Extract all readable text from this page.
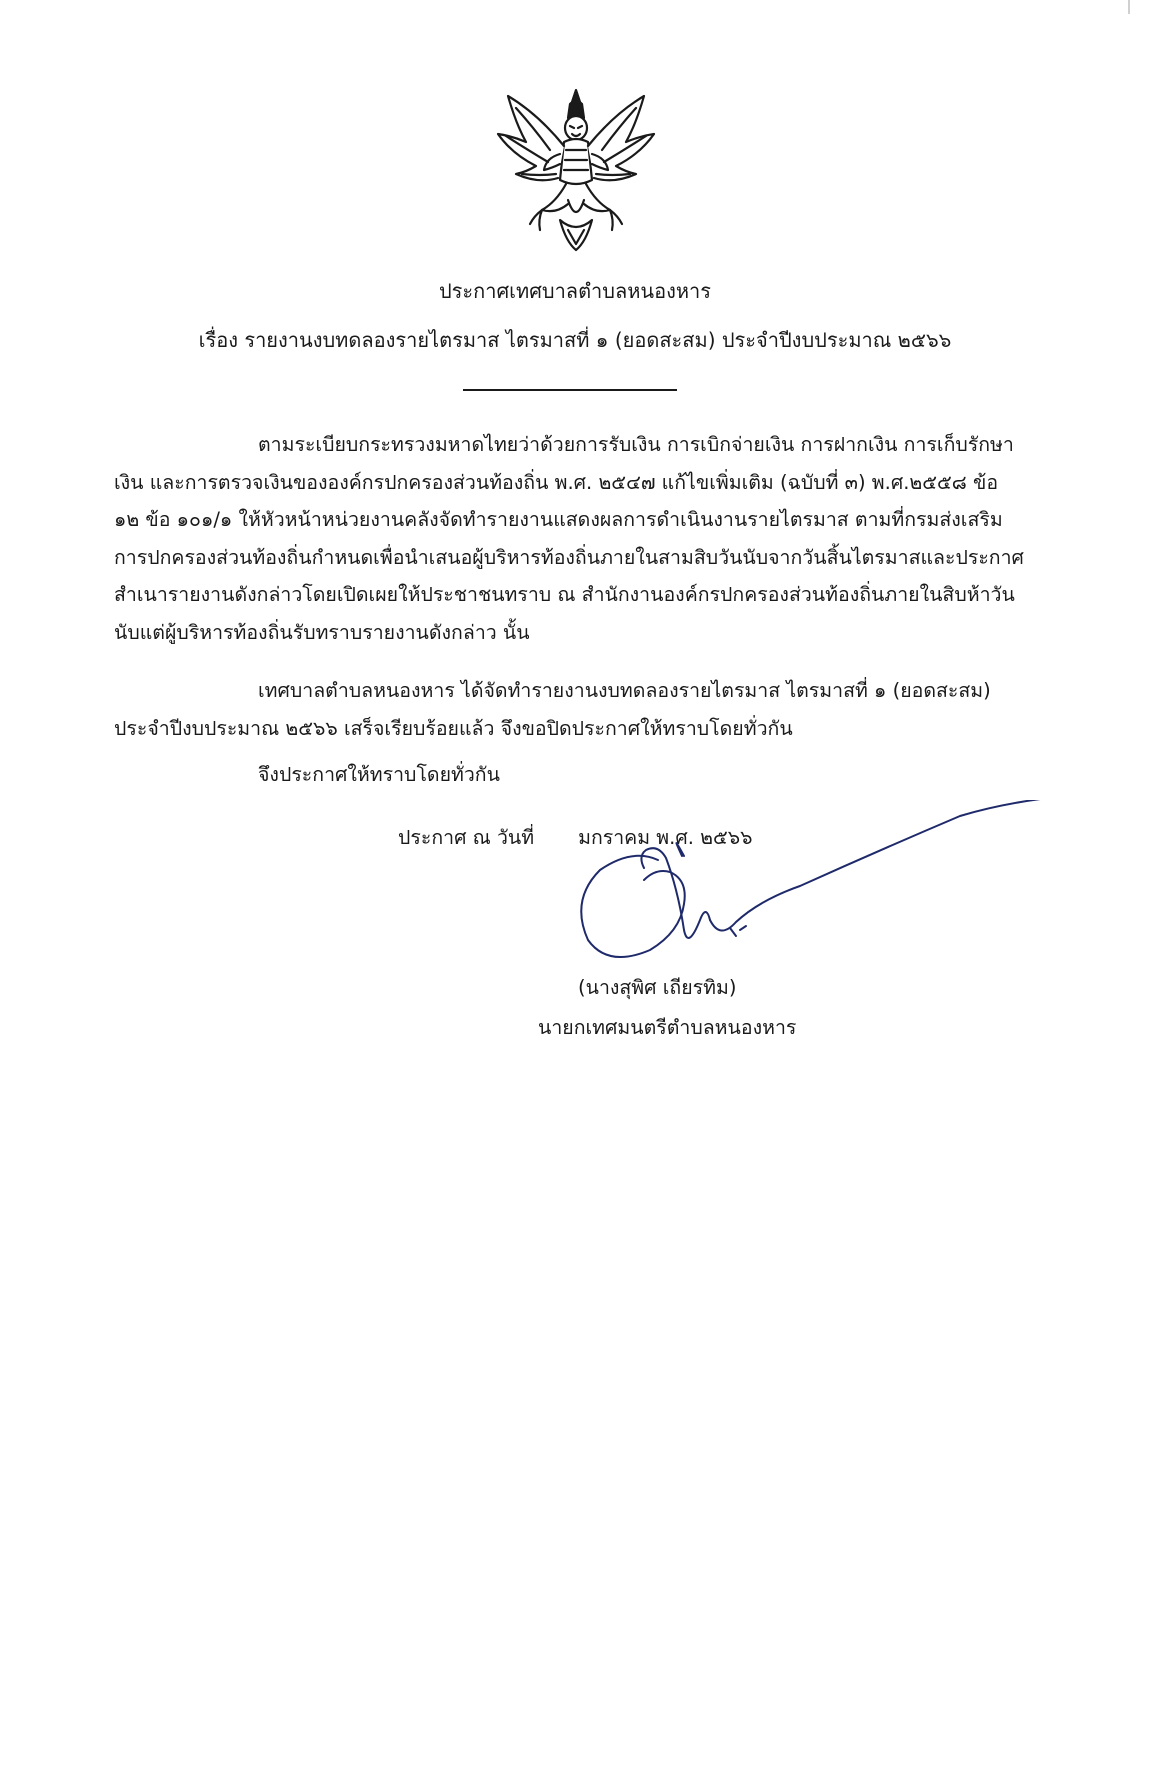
ประกาศเทศบาลตำบลหนองหาร
เรื่อง รายงานงบทดลองรายไตรมาส ไตรมาสที่ ๑ (ยอดสะสม) ประจำปีงบประมาณ ๒๕๖๖
ตามระเบียบกระทรวงมหาดไทยว่าด้วยการรับเงิน การเบิกจ่ายเงิน การฝากเงิน การเก็บรักษา
เงิน และการตรวจเงินขององค์กรปกครองส่วนท้องถิ่น พ.ศ. ๒๕๔๗ แก้ไขเพิ่มเติม (ฉบับที่ ๓) พ.ศ.๒๕๕๘ ข้อ
๑๒ ข้อ ๑๐๑/๑ ให้หัวหน้าหน่วยงานคลังจัดทำรายงานแสดงผลการดำเนินงานรายไตรมาส ตามที่กรมส่งเสริม
การปกครองส่วนท้องถิ่นกำหนดเพื่อนำเสนอผู้บริหารท้องถิ่นภายในสามสิบวันนับจากวันสิ้นไตรมาสและประกาศ
สำเนารายงานดังกล่าวโดยเปิดเผยให้ประชาชนทราบ ณ สำนักงานองค์กรปกครองส่วนท้องถิ่นภายในสิบห้าวัน
นับแต่ผู้บริหารท้องถิ่นรับทราบรายงานดังกล่าว นั้น
เทศบาลตำบลหนองหาร ได้จัดทำรายงานงบทดลองรายไตรมาส ไตรมาสที่ ๑ (ยอดสะสม)
ประจำปีงบประมาณ ๒๕๖๖ เสร็จเรียบร้อยแล้ว จึงขอปิดประกาศให้ทราบโดยทั่วกัน
จึงประกาศให้ทราบโดยทั่วกัน
ประกาศ ณ วันที่ มกราคม พ.ศ. ๒๕๖๖
(นางสุพิศ เถียรทิม)
นายกเทศมนตรีตำบลหนองหาร
